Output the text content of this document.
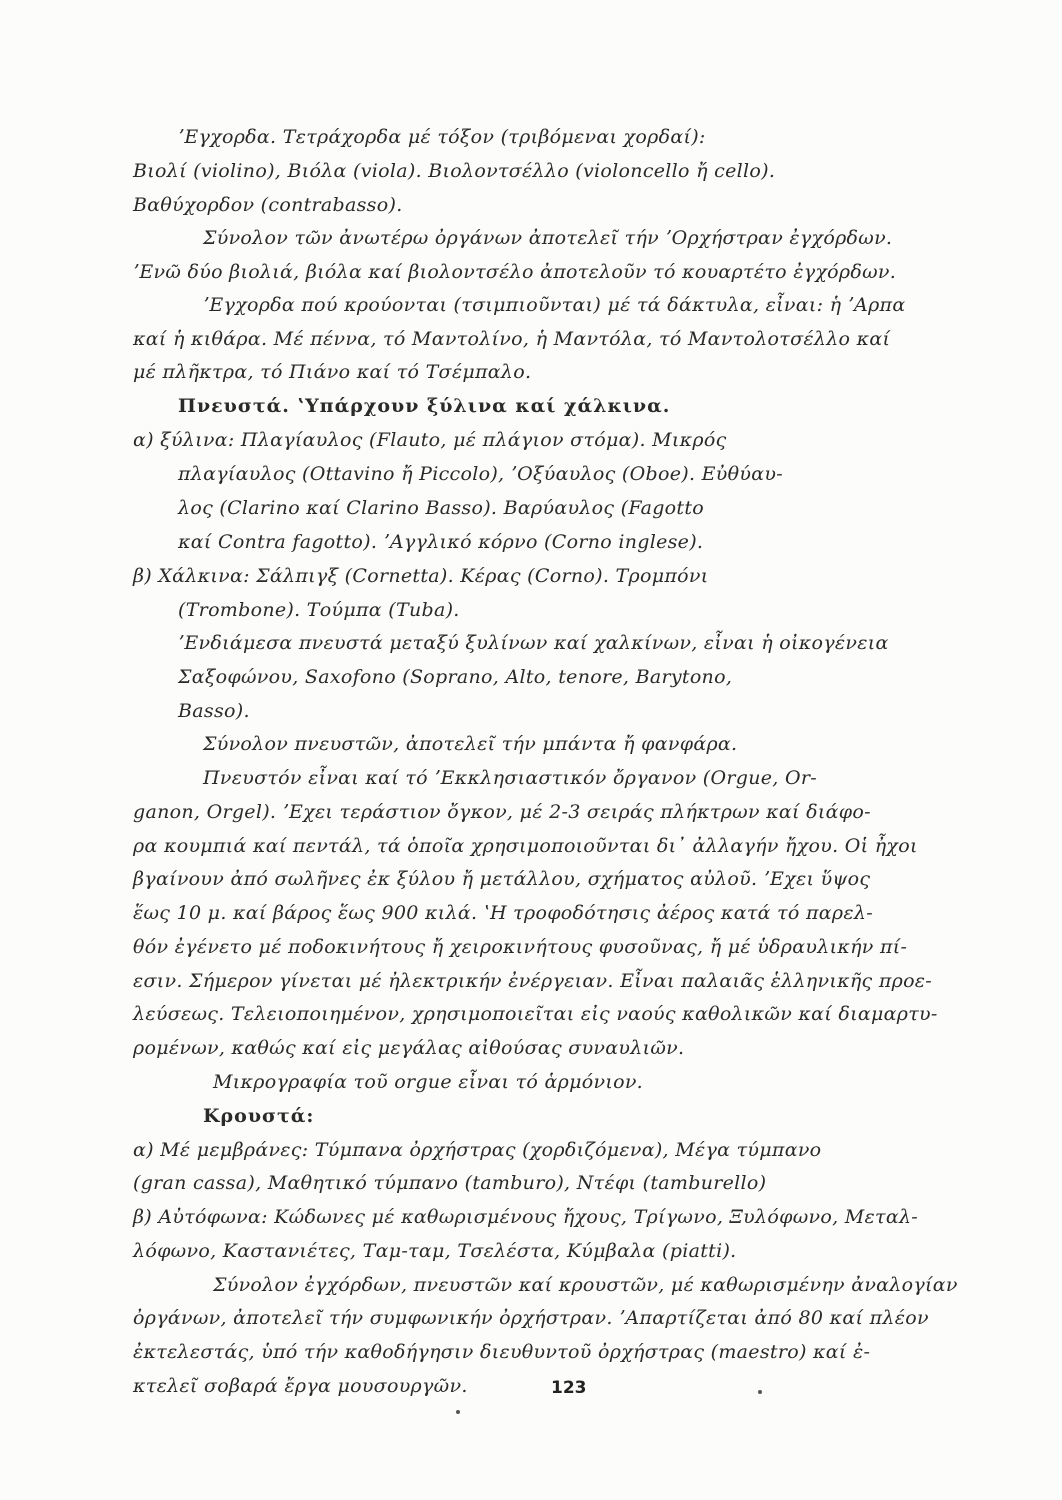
ʼΕγχορδα. Τετράχορδα μέ τόξον (τριβόμεναι χορδαί):
Βιολί (violino), Βιόλα (viola). Βιολοντσέλλο (violoncello ἤ cello).
Βαθύχορδον (contrabasso).
Σύνολον τῶν ἀνωτέρω ὀργάνων ἀποτελεῖ τήν ʼΟρχήστραν ἐγχόρδων.
ʼΕνῶ δύο βιολιά, βιόλα καί βιολοντσέλο ἀποτελοῦν τό κουαρτέτο ἐγχόρδων.
ʼΕγχορδα πού κρούονται (τσιμπιοῦνται) μέ τά δάκτυλα, εἶναι: ἡ ʼΑρπα
καί ἡ κιθάρα. Μέ πέννα, τό Μαντολίνο, ἡ Μαντόλα, τό Μαντολοτσέλλο καί
μέ πλῆκτρα, τό Πιάνο καί τό Τσέμπαλο.
Πνευστά. ʽΥπάρχουν ξύλινα καί χάλκινα.
α) ξύλινα: Πλαγίαυλος (Flauto, μέ πλάγιον στόμα). Μικρός
πλαγίαυλος (Ottavino ἤ Piccolo), ʼΟξύαυλος (Oboe). Εὐθύαυ-
λος (Clarino καί Clarino Basso). Βαρύαυλος (Fagotto
καί Contra fagotto). ʼΑγγλικό κόρνο (Corno inglese).
β) Χάλκινα: Σάλπιγξ (Cornetta). Κέρας (Corno). Τρομπόνι
(Trombone). Τούμπα (Tuba).
ʼΕνδιάμεσα πνευστά μεταξύ ξυλίνων καί χαλκίνων, εἶναι ἡ οἰκογένεια
Σαξοφώνου, Saxofono (Soprano, Alto, tenore, Barytono,
Basso).
Σύνολον πνευστῶν, ἀποτελεῖ τήν μπάντα ἤ φανφάρα.
Πνευστόν εἶναι καί τό ʼΕκκλησιαστικόν ὄργανον (Orgue, Or-
ganon, Orgel). ʼΕχει τεράστιον ὄγκον, μέ 2-3 σειράς πλήκτρων καί διάφο-
ρα κουμπιά καί πεντάλ, τά ὁποῖα χρησιμοποιοῦνται δι᾽ ἀλλαγήν ἤχου. Οἱ ἦχοι
βγαίνουν ἀπό σωλῆνες ἐκ ξύλου ἤ μετάλλου, σχήματος αὐλοῦ. ʼΕχει ὕψος
ἕως 10 μ. καί βάρος ἕως 900 κιλά. ʽΗ τροφοδότησις ἀέρος κατά τό παρελ-
θόν ἐγένετο μέ ποδοκινήτους ἤ χειροκινήτους φυσοῦνας, ἤ μέ ὑδραυλικήν πί-
εσιν. Σήμερον γίνεται μέ ἠλεκτρικήν ἐνέργειαν. Εἶναι παλαιᾶς ἑλληνικῆς προε-
λεύσεως. Τελειοποιημένον, χρησιμοποιεῖται εἰς ναούς καθολικῶν καί διαμαρτυ-
ρομένων, καθώς καί εἰς μεγάλας αἰθούσας συναυλιῶν.
Μικρογραφία τοῦ orgue εἶναι τό ἁρμόνιον.
Κρουστά:
α) Μέ μεμβράνες: Τύμπανα ὀρχήστρας (χορδιζόμενα), Μέγα τύμπανο
(gran cassa), Μαθητικό τύμπανο (tamburo), Ντέφι (tamburello)
β) Αὐτόφωνα: Κώδωνες μέ καθωρισμένους ἤχους, Τρίγωνο, Ξυλόφωνο, Μεταλ-
λόφωνο, Καστανιέτες, Ταμ-ταμ, Τσελέστα, Κύμβαλα (piatti).
Σύνολον ἐγχόρδων, πνευστῶν καί κρουστῶν, μέ καθωρισμένην ἀναλογίαν
ὀργάνων, ἀποτελεῖ τήν συμφωνικήν ὀρχήστραν. ʼΑπαρτίζεται ἀπό 80 καί πλέον
ἐκτελεστάς, ὑπό τήν καθοδήγησιν διευθυντοῦ ὀρχήστρας (maestro) καί ἐ-
κτελεῖ σοβαρά ἔργα μουσουργῶν.	123
